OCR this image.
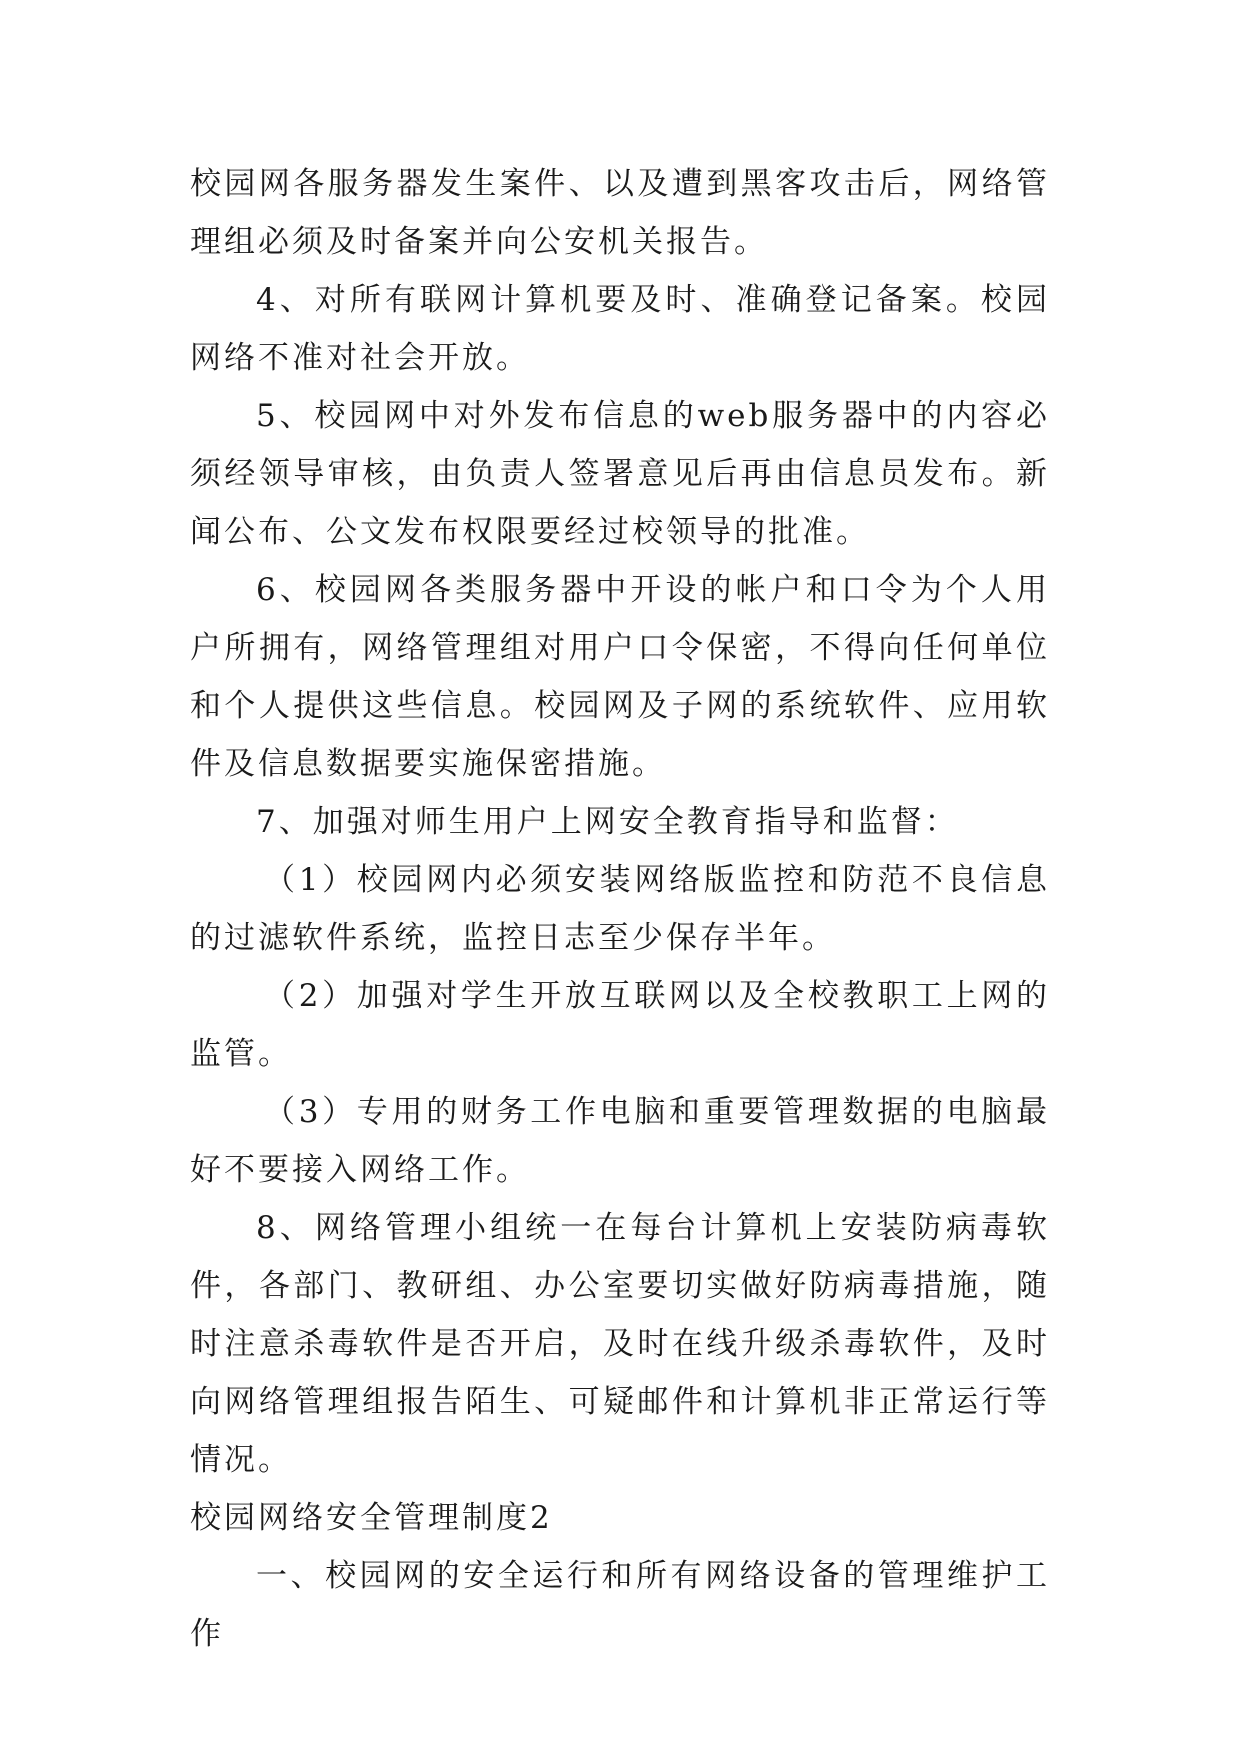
校园网各服务器发生案件、以及遭到黑客攻击后，网络管理组必须及时备案并向公安机关报告。

4、对所有联网计算机要及时、准确登记备案。校园网络不准对社会开放。

5、校园网中对外发布信息的web服务器中的内容必须经领导审核，由负责人签署意见后再由信息员发布。新闻公布、公文发布权限要经过校领导的批准。

6、校园网各类服务器中开设的帐户和口令为个人用户所拥有，网络管理组对用户口令保密，不得向任何单位和个人提供这些信息。校园网及子网的系统软件、应用软件及信息数据要实施保密措施。

7、加强对师生用户上网安全教育指导和监督：

（1）校园网内必须安装网络版监控和防范不良信息的过滤软件系统，监控日志至少保存半年。

（2）加强对学生开放互联网以及全校教职工上网的监管。

（3）专用的财务工作电脑和重要管理数据的电脑最好不要接入网络工作。

8、网络管理小组统一在每台计算机上安装防病毒软件，各部门、教研组、办公室要切实做好防病毒措施，随时注意杀毒软件是否开启，及时在线升级杀毒软件，及时向网络管理组报告陌生、可疑邮件和计算机非正常运行等情况。

校园网络安全管理制度2

一、校园网的安全运行和所有网络设备的管理维护工作
